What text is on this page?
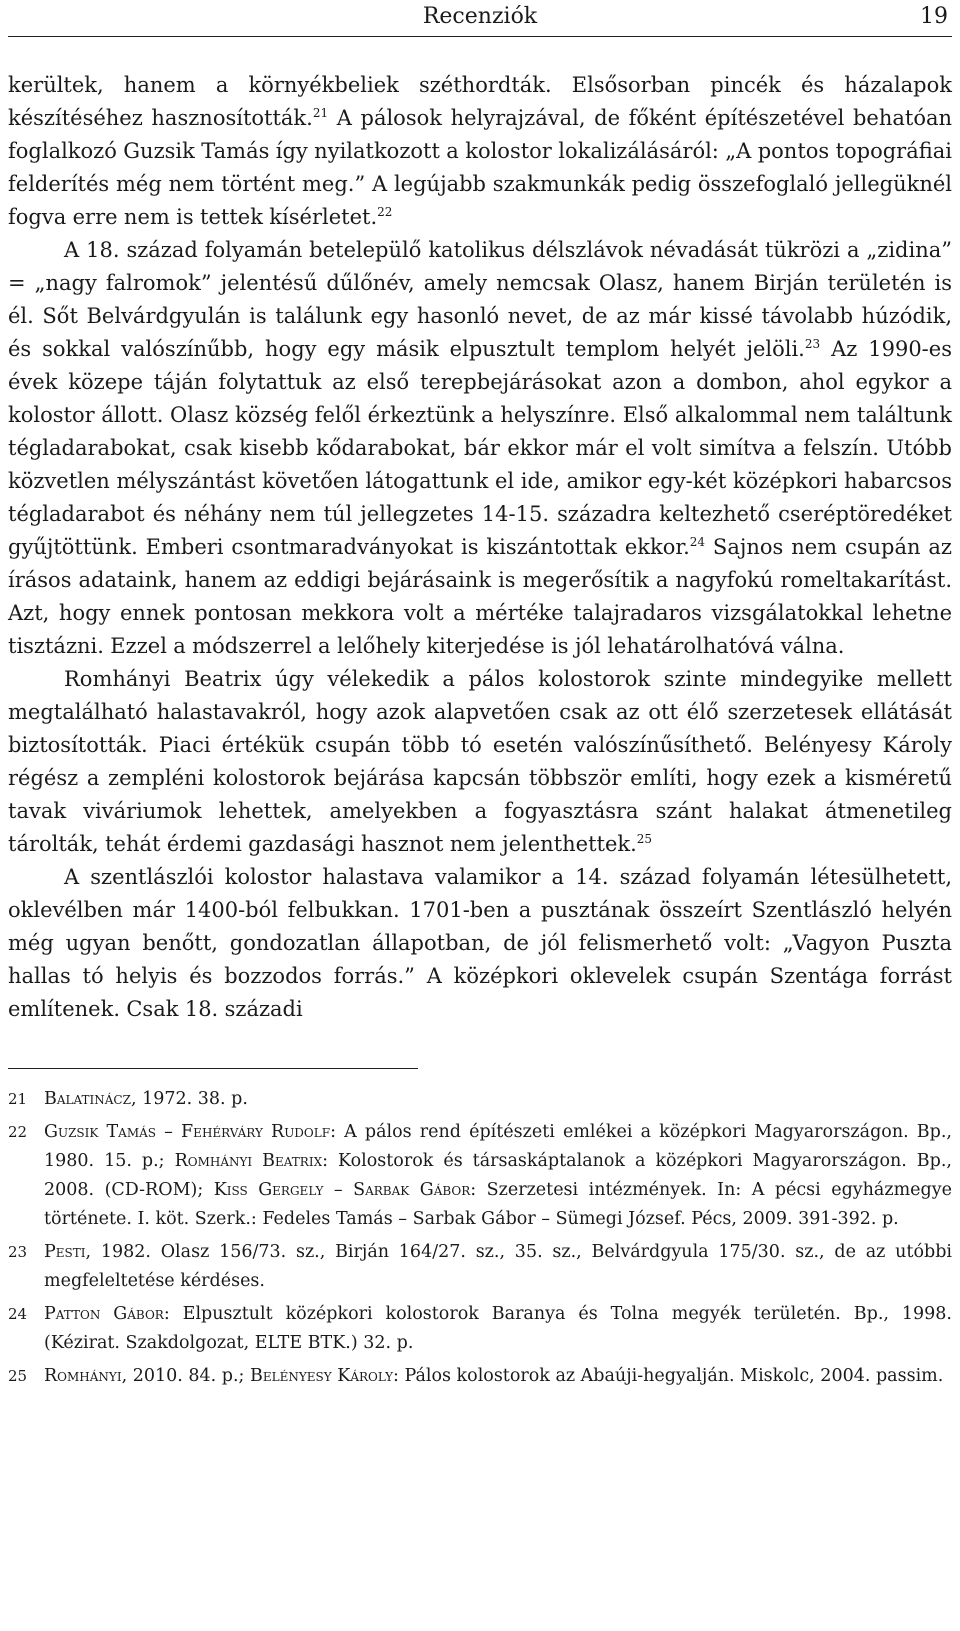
Recenziók	19

kerültek, hanem a környékbeliek széthordták. Elsősorban pincék és házalapok készítéséhez hasznosították.$^{21}$ A pálosok helyrajzával, de főként építészetével behatóan foglalkozó Guzsik Tamás így nyilatkozott a kolostor lokalizálásáról: „A pontos topográfiai felderítés még nem történt meg.” A legújabb szakmunkák pedig összefoglaló jellegüknél fogva erre nem is tettek kísérletet.$^{22}$

A 18. század folyamán betelepülő katolikus délszlávok névadását tükrözi a „zidina” = „nagy falromok” jelentésű dűlőnév, amely nemcsak Olasz, hanem Birján területén is él. Sőt Belvárdgyulán is találunk egy hasonló nevet, de az már kissé távolabb húzódik, és sokkal valószínűbb, hogy egy másik elpusztult templom helyét jelöli.$^{23}$ Az 1990-es évek közepe táján folytattuk az első terepbejárásokat azon a dombon, ahol egykor a kolostor állott. Olasz község felől érkeztünk a helyszínre. Első alkalommal nem találtunk tégladarabokat, csak kisebb kődarabokat, bár ekkor már el volt simítva a felszín. Utóbb közvetlen mélyszántást követően látogattunk el ide, amikor egy-két középkori habarcsos tégladarabot és néhány nem túl jellegzetes 14-15. századra keltezhető cseréptöredéket gyűjtöttünk. Emberi csontmaradványokat is kiszántottak ekkor.$^{24}$ Sajnos nem csupán az írásos adataink, hanem az eddigi bejárásaink is megerősítik a nagyfokú romeltakarítást. Azt, hogy ennek pontosan mekkora volt a mértéke talajradaros vizsgálatokkal lehetne tisztázni. Ezzel a módszerrel a lelőhely kiterjedése is jól lehatárolhatóvá válna.

Romhányi Beatrix úgy vélekedik a pálos kolostorok szinte mindegyike mellett megtalálható halastavakról, hogy azok alapvetően csak az ott élő szerzetesek ellátását biztosították. Piaci értékük csupán több tó esetén valószínűsíthető. Belényesy Károly régész a zempléni kolostorok bejárása kapcsán többször említi, hogy ezek a kisméretű tavak viváriumok lehettek, amelyekben a fogyasztásra szánt halakat átmenetileg tárolták, tehát érdemi gazdasági hasznot nem jelenthettek.$^{25}$

A szentlászlói kolostor halastava valamikor a 14. század folyamán létesülhetett, oklevélben már 1400-ból felbukkan. 1701-ben a pusztának összeírt Szentlászló helyén még ugyan benőtt, gondozatlan állapotban, de jól felismerhető volt: „Vagyon Puszta hallas tó helyis és bozzodos forrás.” A középkori oklevelek csupán Szentága forrást említenek. Csak 18. századi

21 Balatinácz, 1972. 38. p.
22 Guzsik Tamás – Fehérváry Rudolf: A pálos rend építészeti emlékei a középkori Magyarországon. Bp., 1980. 15. p.; Romhányi Beatrix: Kolostorok és társaskáptalanok a középkori Magyarországon. Bp., 2008. (CD-ROM); Kiss Gergely – Sarbak Gábor: Szerzetesi intézmények. In: A pécsi egyházmegye története. I. köt. Szerk.: Fedeles Tamás – Sarbak Gábor – Sümegi József. Pécs, 2009. 391-392. p.
23 Pesti, 1982. Olasz 156/73. sz., Birján 164/27. sz., 35. sz., Belvárdgyula 175/30. sz., de az utóbbi megfeleltetése kérdéses.
24 Patton Gábor: Elpusztult középkori kolostorok Baranya és Tolna megyék területén. Bp., 1998. (Kézirat. Szakdolgozat, ELTE BTK.) 32. p.
25 Romhányi, 2010. 84. p.; Belényesy Károly: Pálos kolostorok az Abaúji-hegyalján. Miskolc, 2004. passim.
